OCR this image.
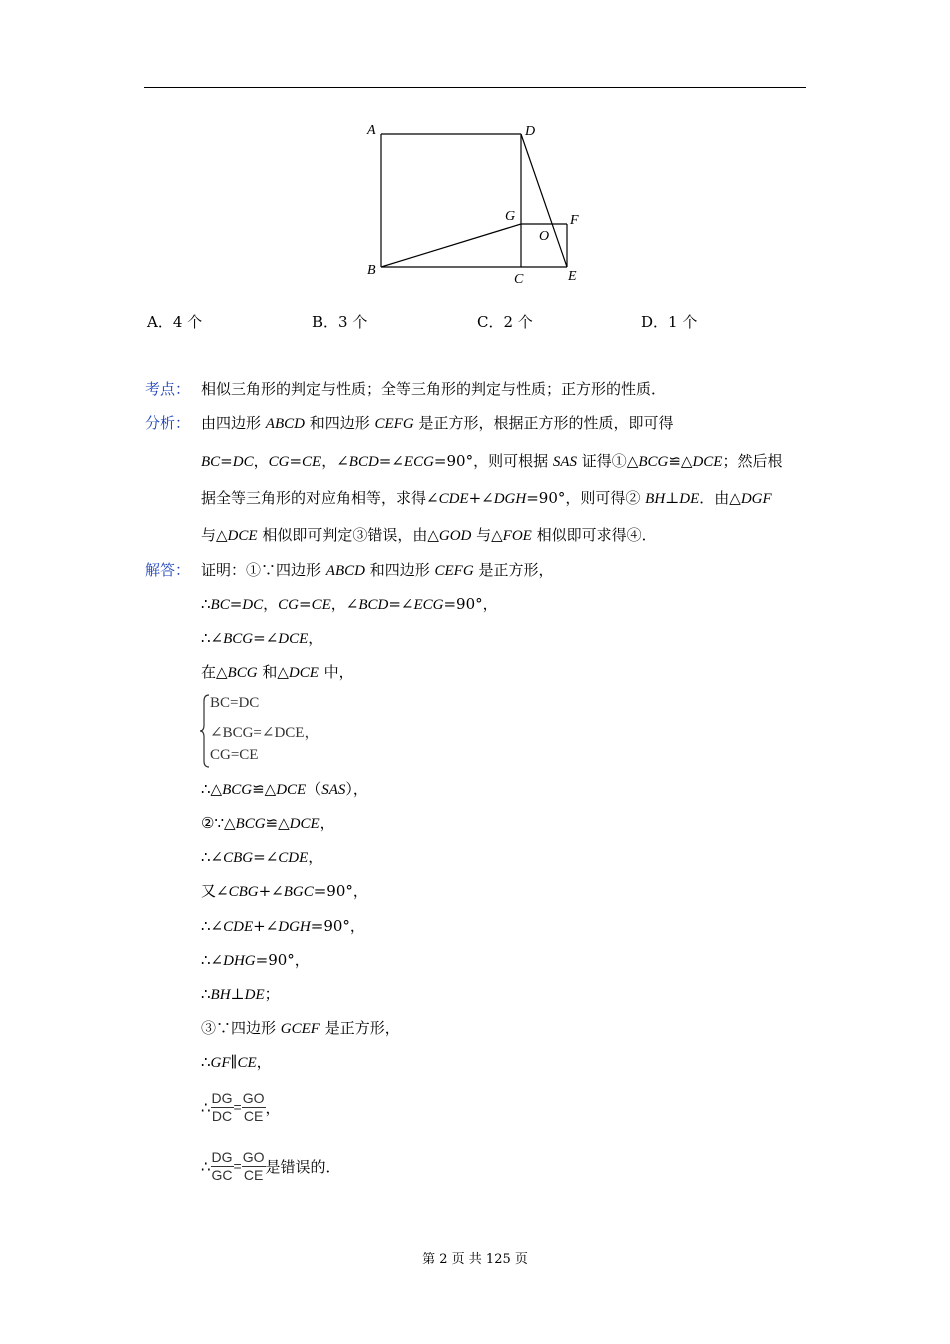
A	D
B
C	E
F
G
O
A．4 个	B．3 个	C．2 个	D．1 个
考点： 相似三角形的判定与性质；全等三角形的判定与性质；正方形的性质．
分析： 由四边形 ABCD 和四边形 CEFG 是正方形，根据正方形的性质，即可得
BC=DC，CG=CE，∠BCD=∠ECG=90°，则可根据 SAS 证得①△BCG≌△DCE；然后根
据全等三角形的对应角相等，求得∠CDE+∠DGH=90°，则可得② BH⊥DE．由△DGF
与△DCE 相似即可判定③错误，由△GOD 与△FOE 相似即可求得④．
解答： 证明：①∵四边形 ABCD 和四边形 CEFG 是正方形，
∴BC=DC，CG=CE，∠BCD=∠ECG=90°，
∴∠BCG=∠DCE，
在△BCG 和△DCE 中，
BC=DC
∠BCG=∠DCE，
CG=CE
∴△BCG≌△DCE（SAS），
②∵△BCG≌△DCE，
∴∠CBG=∠CDE，
又∠CBG+∠BGC=90°，
∴∠CDE+∠DGH=90°，
∴∠DHG=90°，
∴BH⊥DE；
③∵四边形 GCEF 是正方形，
∴GF∥CE，
∴ $\frac{DG}{DC} = \frac{GO}{CE}$ ，
∴ $\frac{DG}{GC} = \frac{GO}{CE}$ 是错误的．
第 2 页 共 125 页
